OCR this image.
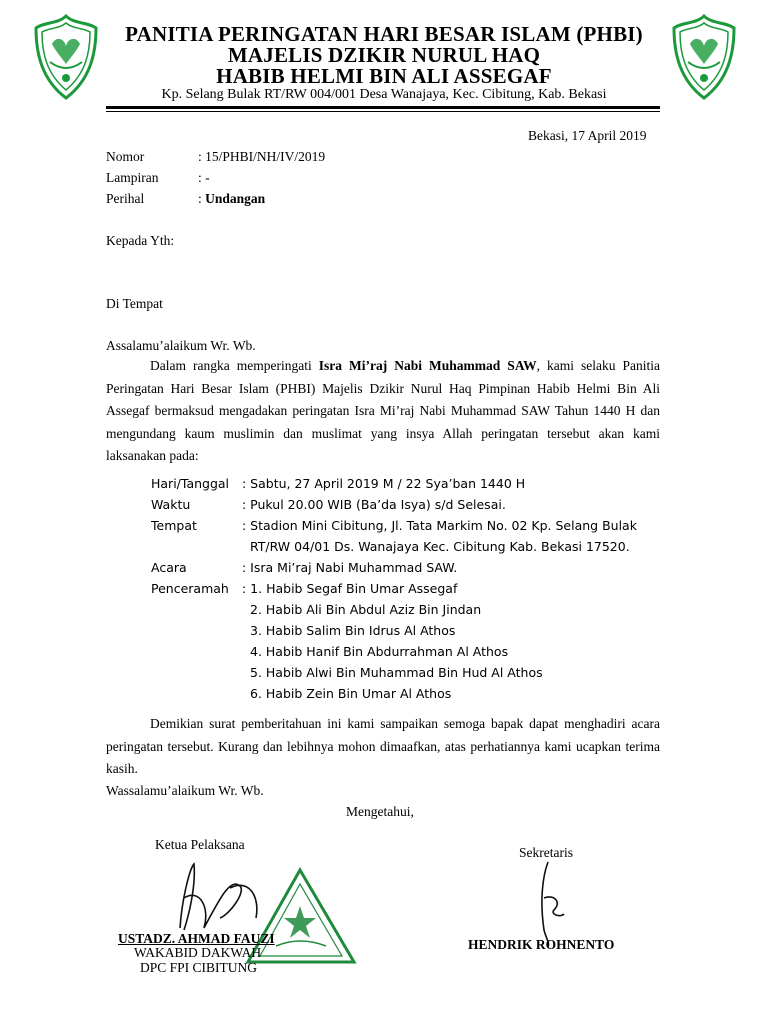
PANITIA PERINGATAN HARI BESAR ISLAM (PHBI)
MAJELIS DZIKIR NURUL HAQ
HABIB HELMI BIN ALI ASSEGAF
Kp. Selang Bulak RT/RW 004/001 Desa Wanajaya, Kec. Cibitung, Kab. Bekasi
Bekasi, 17 April 2019
Nomor	: 15/PHBI/NH/IV/2019
Lampiran	: -
Perihal	: Undangan
Kepada Yth:
Di Tempat
Assalamu’alaikum Wr. Wb.
Dalam rangka memperingati Isra Mi’raj Nabi Muhammad SAW, kami selaku Panitia Peringatan Hari Besar Islam (PHBI) Majelis Dzikir Nurul Haq Pimpinan Habib Helmi Bin Ali Assegaf bermaksud mengadakan peringatan Isra Mi’raj Nabi Muhammad SAW Tahun 1440 H dan mengundang kaum muslimin dan muslimat yang insya Allah peringatan tersebut akan kami laksanakan pada:
Hari/Tanggal : Sabtu, 27 April 2019 M / 22 Sya’ban 1440 H
Waktu	: Pukul 20.00 WIB (Ba’da Isya) s/d Selesai.
Tempat	: Stadion Mini Cibitung, Jl. Tata Markim No. 02 Kp. Selang Bulak
RT/RW 04/01 Ds. Wanajaya Kec. Cibitung Kab. Bekasi 17520.
Acara	: Isra Mi’raj Nabi Muhammad SAW.
Penceramah : 1. Habib Segaf Bin Umar Assegaf
2. Habib Ali Bin Abdul Aziz Bin Jindan
3. Habib Salim Bin Idrus Al Athos
4. Habib Hanif Bin Abdurrahman Al Athos
5. Habib Alwi Bin Muhammad Bin Hud Al Athos
6. Habib Zein Bin Umar Al Athos
Demikian surat pemberitahuan ini kami sampaikan semoga bapak dapat menghadiri acara peringatan tersebut. Kurang dan lebihnya mohon dimaafkan, atas perhatiannya kami ucapkan terima kasih.
Wassalamu’alaikum Wr. Wb.
Mengetahui,
Ketua Pelaksana
Sekretaris
USTADZ. AHMAD FAUZI
WAKABID DAKWAH
DPC FPI CIBITUNG
HENDRIK ROHNENTO
